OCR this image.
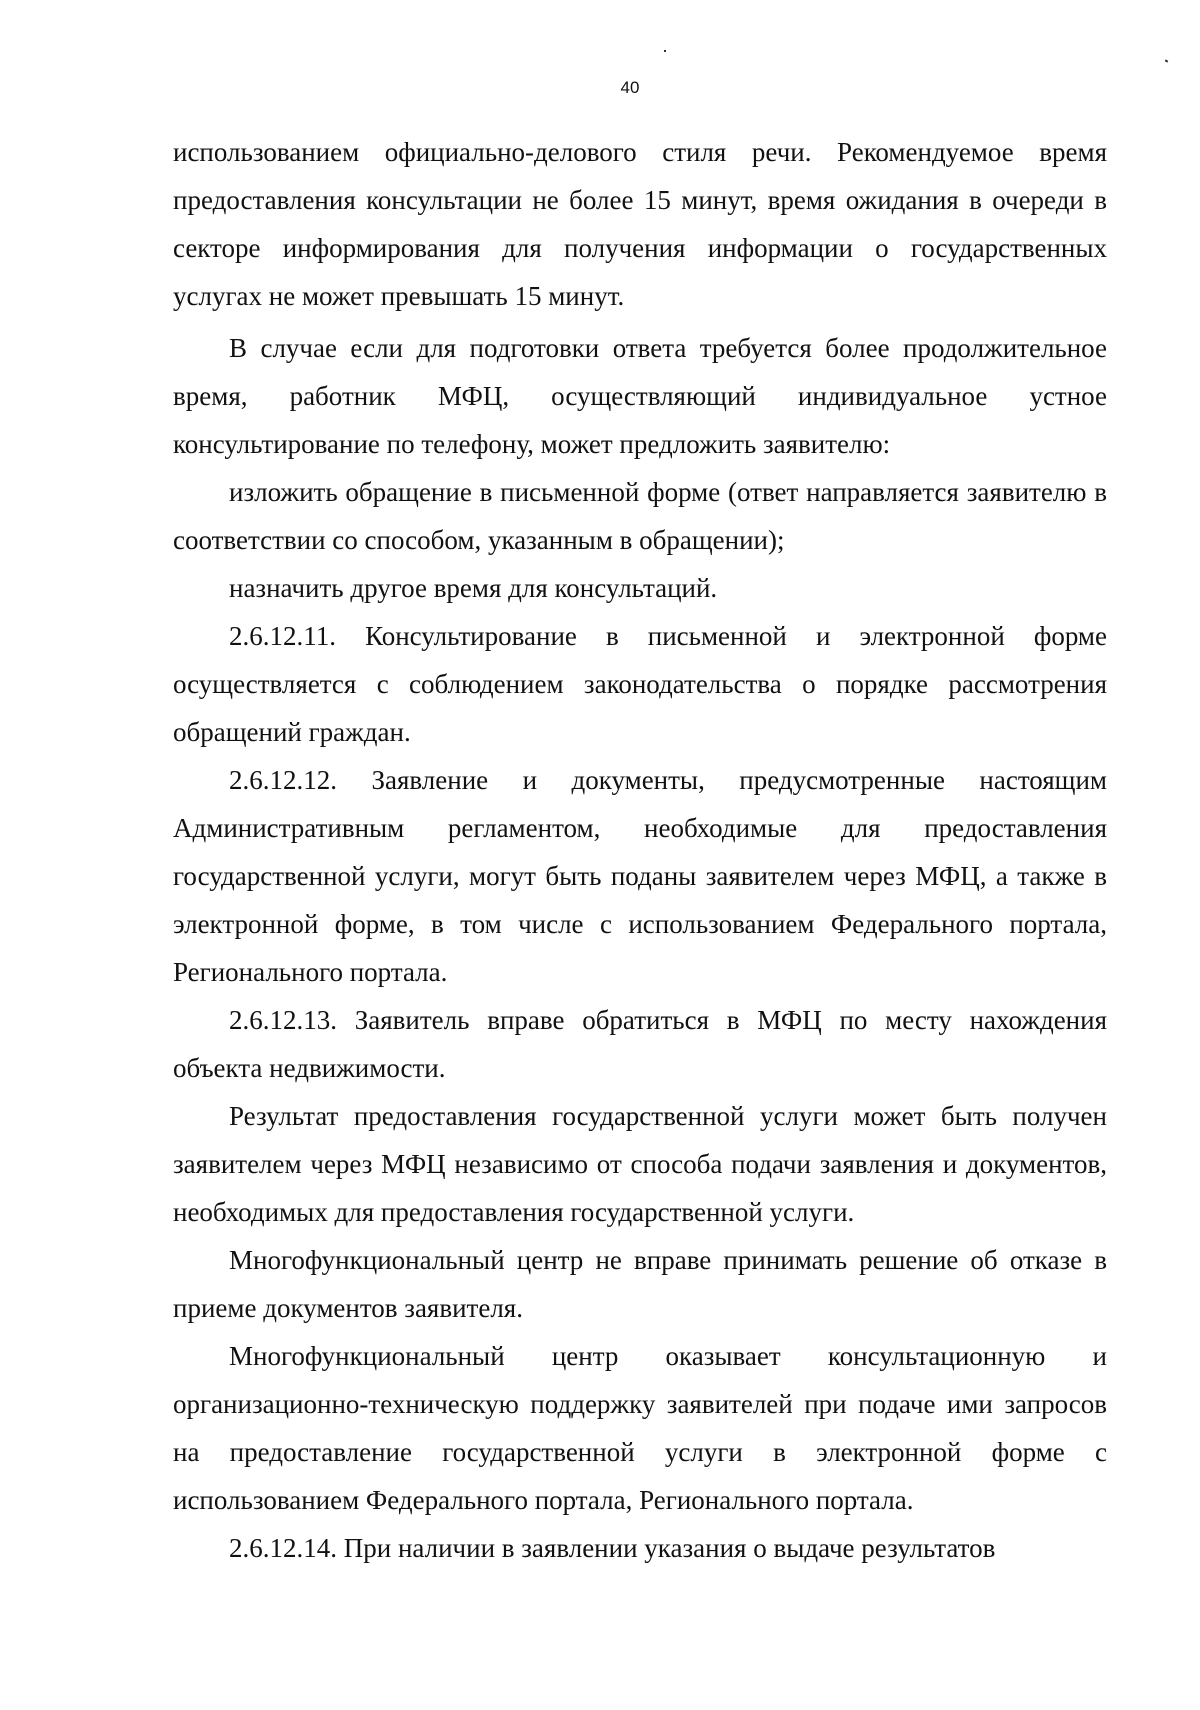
40

использованием официально-делового стиля речи. Рекомендуемое время предоставления консультации не более 15 минут, время ожидания в очереди в секторе информирования для получения информации о государственных услугах не может превышать 15 минут.

В случае если для подготовки ответа требуется более продолжительное время, работник МФЦ, осуществляющий индивидуальное устное консультирование по телефону, может предложить заявителю:

изложить обращение в письменной форме (ответ направляется заявителю в соответствии со способом, указанным в обращении);

назначить другое время для консультаций.

2.6.12.11. Консультирование в письменной и электронной форме осуществляется с соблюдением законодательства о порядке рассмотрения обращений граждан.

2.6.12.12. Заявление и документы, предусмотренные настоящим Административным регламентом, необходимые для предоставления государственной услуги, могут быть поданы заявителем через МФЦ, а также в электронной форме, в том числе с использованием Федерального портала, Регионального портала.

2.6.12.13. Заявитель вправе обратиться в МФЦ по месту нахождения объекта недвижимости.

Результат предоставления государственной услуги может быть получен заявителем через МФЦ независимо от способа подачи заявления и документов, необходимых для предоставления государственной услуги.

Многофункциональный центр не вправе принимать решение об отказе в приеме документов заявителя.

Многофункциональный центр оказывает консультационную и организационно-техническую поддержку заявителей при подаче ими запросов на предоставление государственной услуги в электронной форме с использованием Федерального портала, Регионального портала.

2.6.12.14. При наличии в заявлении указания о выдаче результатов
